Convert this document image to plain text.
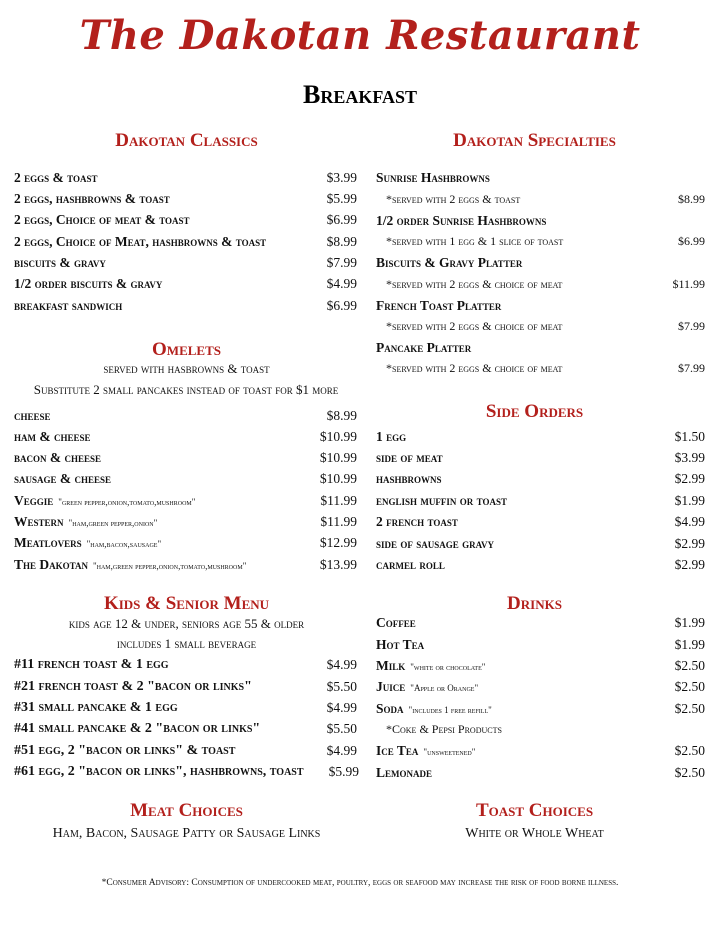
The Dakotan Restaurant
Breakfast
Dakotan Classics
2 eggs & toast	$3.99
2 eggs, hashbrowns & toast	$5.99
2 eggs, Choice of meat & toast	$6.99
2 eggs, Choice of Meat, hashbrowns & toast	$8.99
biscuits & gravy	$7.99
1/2 order biscuits & gravy	$4.99
breakfast sandwich	$6.99
Dakotan Specialties
Sunrise Hashbrowns
*served with 2 eggs & toast	$8.99
1/2 order Sunrise Hashbrowns
*served with 1 egg & 1 slice of toast	$6.99
Biscuits & Gravy Platter
*served with 2 eggs & choice of meat	$11.99
French Toast Platter
*served with 2 eggs & choice of meat	$7.99
Pancake Platter
*served with 2 eggs & choice of meat	$7.99
Omelets
served with hasbrowns & toast
Substitute 2 small pancakes instead of toast for $1 more
cheese	$8.99
ham & cheese	$10.99
bacon & cheese	$10.99
sausage & cheese	$10.99
Veggie "green pepper,onion,tomato,mushroom"	$11.99
Western "ham,green pepper,onion"	$11.99
Meatlovers "ham,bacon,sausage"	$12.99
The Dakotan "ham,green pepper,onion,tomato,mushroom"	$13.99
Side Orders
1 egg	$1.50
side of meat	$3.99
hashbrowns	$2.99
english muffin or toast	$1.99
2 french toast	$4.99
side of sausage gravy	$2.99
carmel roll	$2.99
Kids & Senior Menu
kids age 12 & under, seniors age 55 & older
includes 1 small beverage
#11 french toast & 1 egg	$4.99
#21 french toast & 2 "bacon or links"	$5.50
#31 small pancake & 1 egg	$4.99
#41 small pancake & 2 "bacon or links"	$5.50
#51 egg, 2 "bacon or links" & toast	$4.99
#61 egg, 2 "bacon or links", hashbrowns, toast $5.99
Drinks
Coffee	$1.99
Hot Tea	$1.99
Milk "white or chocolate"	$2.50
Juice "Apple or Orange"	$2.50
Soda "includes 1 free refill"	$2.50
*Coke & Pepsi Products
Ice Tea "unsweetened"	$2.50
Lemonade	$2.50
Meat Choices
Ham, Bacon, Sausage Patty or Sausage Links
Toast Choices
White or Whole Wheat
*Consumer Advisory: Consumption of undercooked meat, poultry, eggs or seafood may increase the risk of food borne illness.
